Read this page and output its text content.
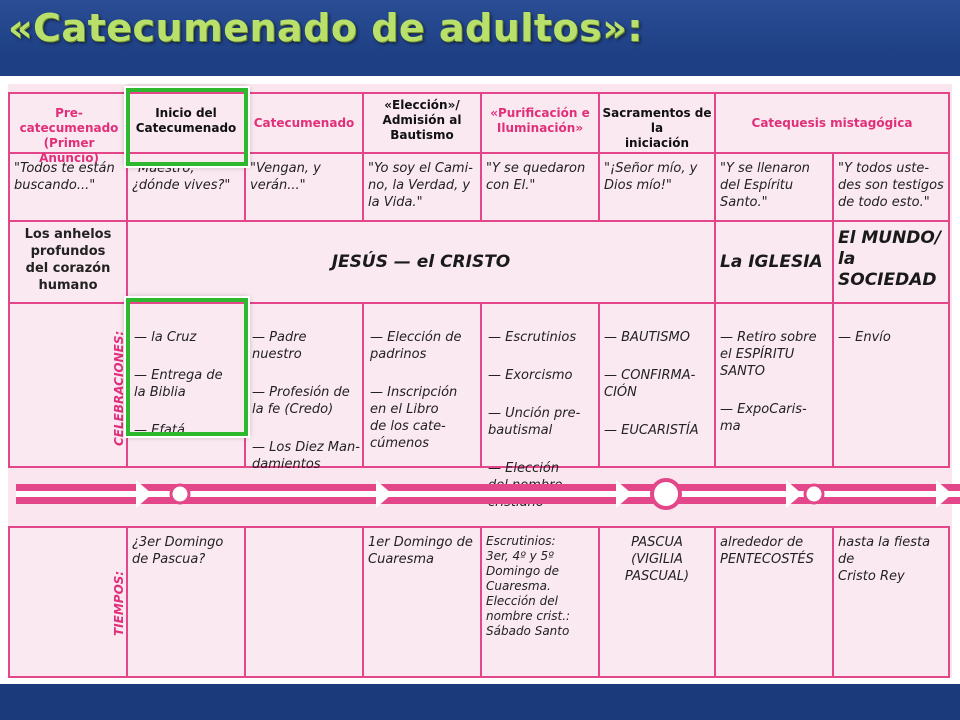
«Catecumenado de adultos»:
Pre-catecumenado
(Primer Anuncio)
Inicio del
Catecumenado	Catecumenado
«Elección»/
Admisión al
Bautismo
«Purificación e
Iluminación»
Sacramentos de la
iniciación
Catequesis mistagógica
"Todos te están
buscando..."
"Maestro,
¿dónde vives?"
"Vengan, y
verán..."
"Yo soy el Cami-
no, la Verdad, y
la Vida."
"Y se quedaron
con El."
"¡Señor mío, y
Dios mío!"
"Y se llenaron
del Espíritu
Santo."
"Y todos uste-
des son testigos
de todo esto."
Los anhelos
profundos
del corazón
humano
JESÚS — el CRISTO	La IGLESIA
El MUNDO/
la
SOCIEDAD
CELEBRACIONES: — la Cruz

— Entrega de
la Biblia

— Efatá

— Padre
nuestro

— Profesión de
la fe (Credo)

— Los Diez Man-
damientos

— Elección de
padrinos

— Inscripción
en el Libro
de los cate-
cúmenos

— Escrutinios

— Exorcismo

— Unción pre-
bautismal

— Elección

— BAUTISMO

— CONFIRMA-
CIÓN

— EUCARISTÍA

— Retiro sobre
el ESPÍRITU
SANTO

— ExpoCaris-
ma

— Envío

TIEMPOS:
¿3er Domingo
de Pascua?
1er Domingo de
Cuaresma
Escrutinios:
3er, 4º y 5º
Domingo de
Cuaresma.
Elección del
nombre crist.:
Sábado Santo
PASCUA
(VIGILIA
PASCUAL)
alrededor de
PENTECOSTÉS
hasta la fiesta
de
Cristo Rey
